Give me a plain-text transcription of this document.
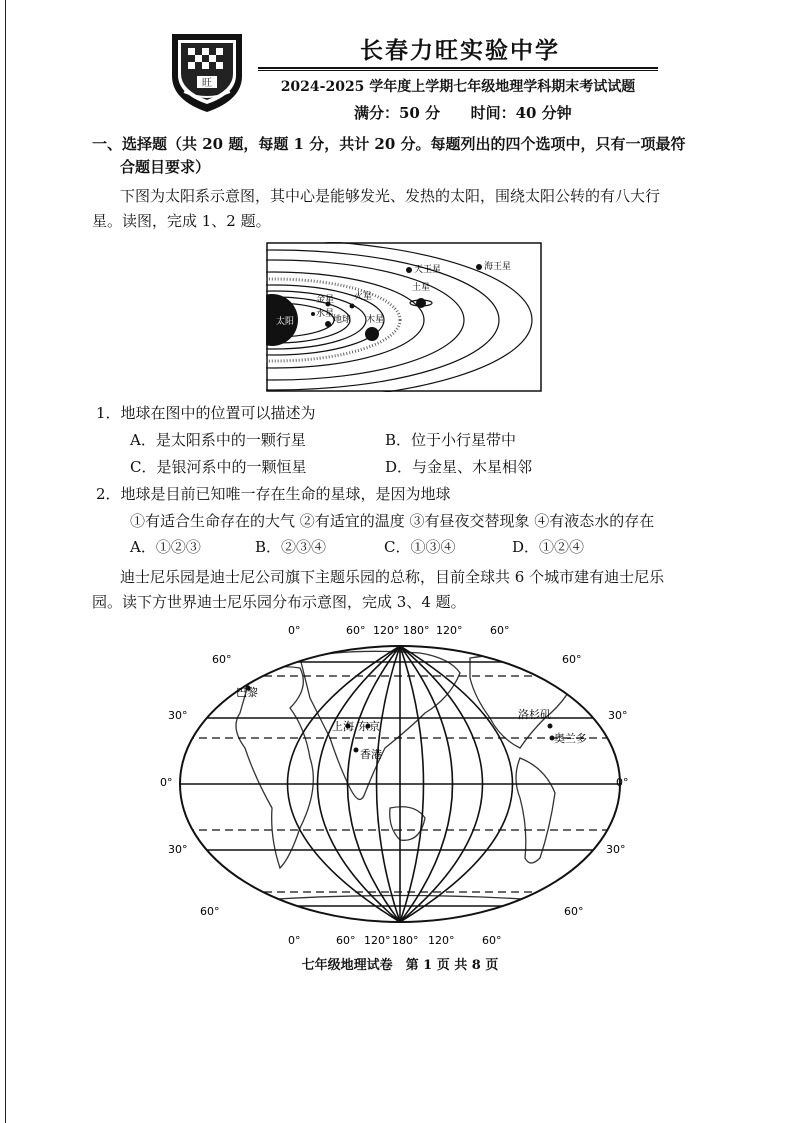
旺
长春力旺实验中学
2024-2025 学年度上学期七年级地理学科期末考试试题
满分：50 分 时间：40 分钟
一、选择题（共 20 题，每题 1 分，共计 20 分。每题列出的四个选项中，只有一项最符
合题目要求）
下图为太阳系示意图，其中心是能够发光、发热的太阳，围绕太阳公转的有八大行
星。读图，完成 1、2 题。
太阳
水星
金星
地球
火星
木星
土星
天王星	海王星
1．地球在图中的位置可以描述为
A．是太阳系中的一颗行星	B．位于小行星带中
C．是银河系中的一颗恒星	D．与金星、木星相邻
2．地球是目前已知唯一存在生命的星球，是因为地球
①有适合生命存在的大气 ②有适宜的温度 ③有昼夜交替现象 ④有液态水的存在
A．①②③	B．②③④	C．①③④	D．①②④
迪士尼乐园是迪士尼公司旗下主题乐园的总称，目前全球共 6 个城市建有迪士尼乐
园。读下方世界迪士尼乐园分布示意图，完成 3、4 题。
0°	60° 120° 180° 120°	60°
0°	60° 120° 180° 120°	60°
60°
30°
0°
30°
60°
60°
30°
0°
30°
60°
巴黎
上海 东京
香港
洛杉矶
奥兰多
七年级地理试卷　第 1 页 共 8 页
